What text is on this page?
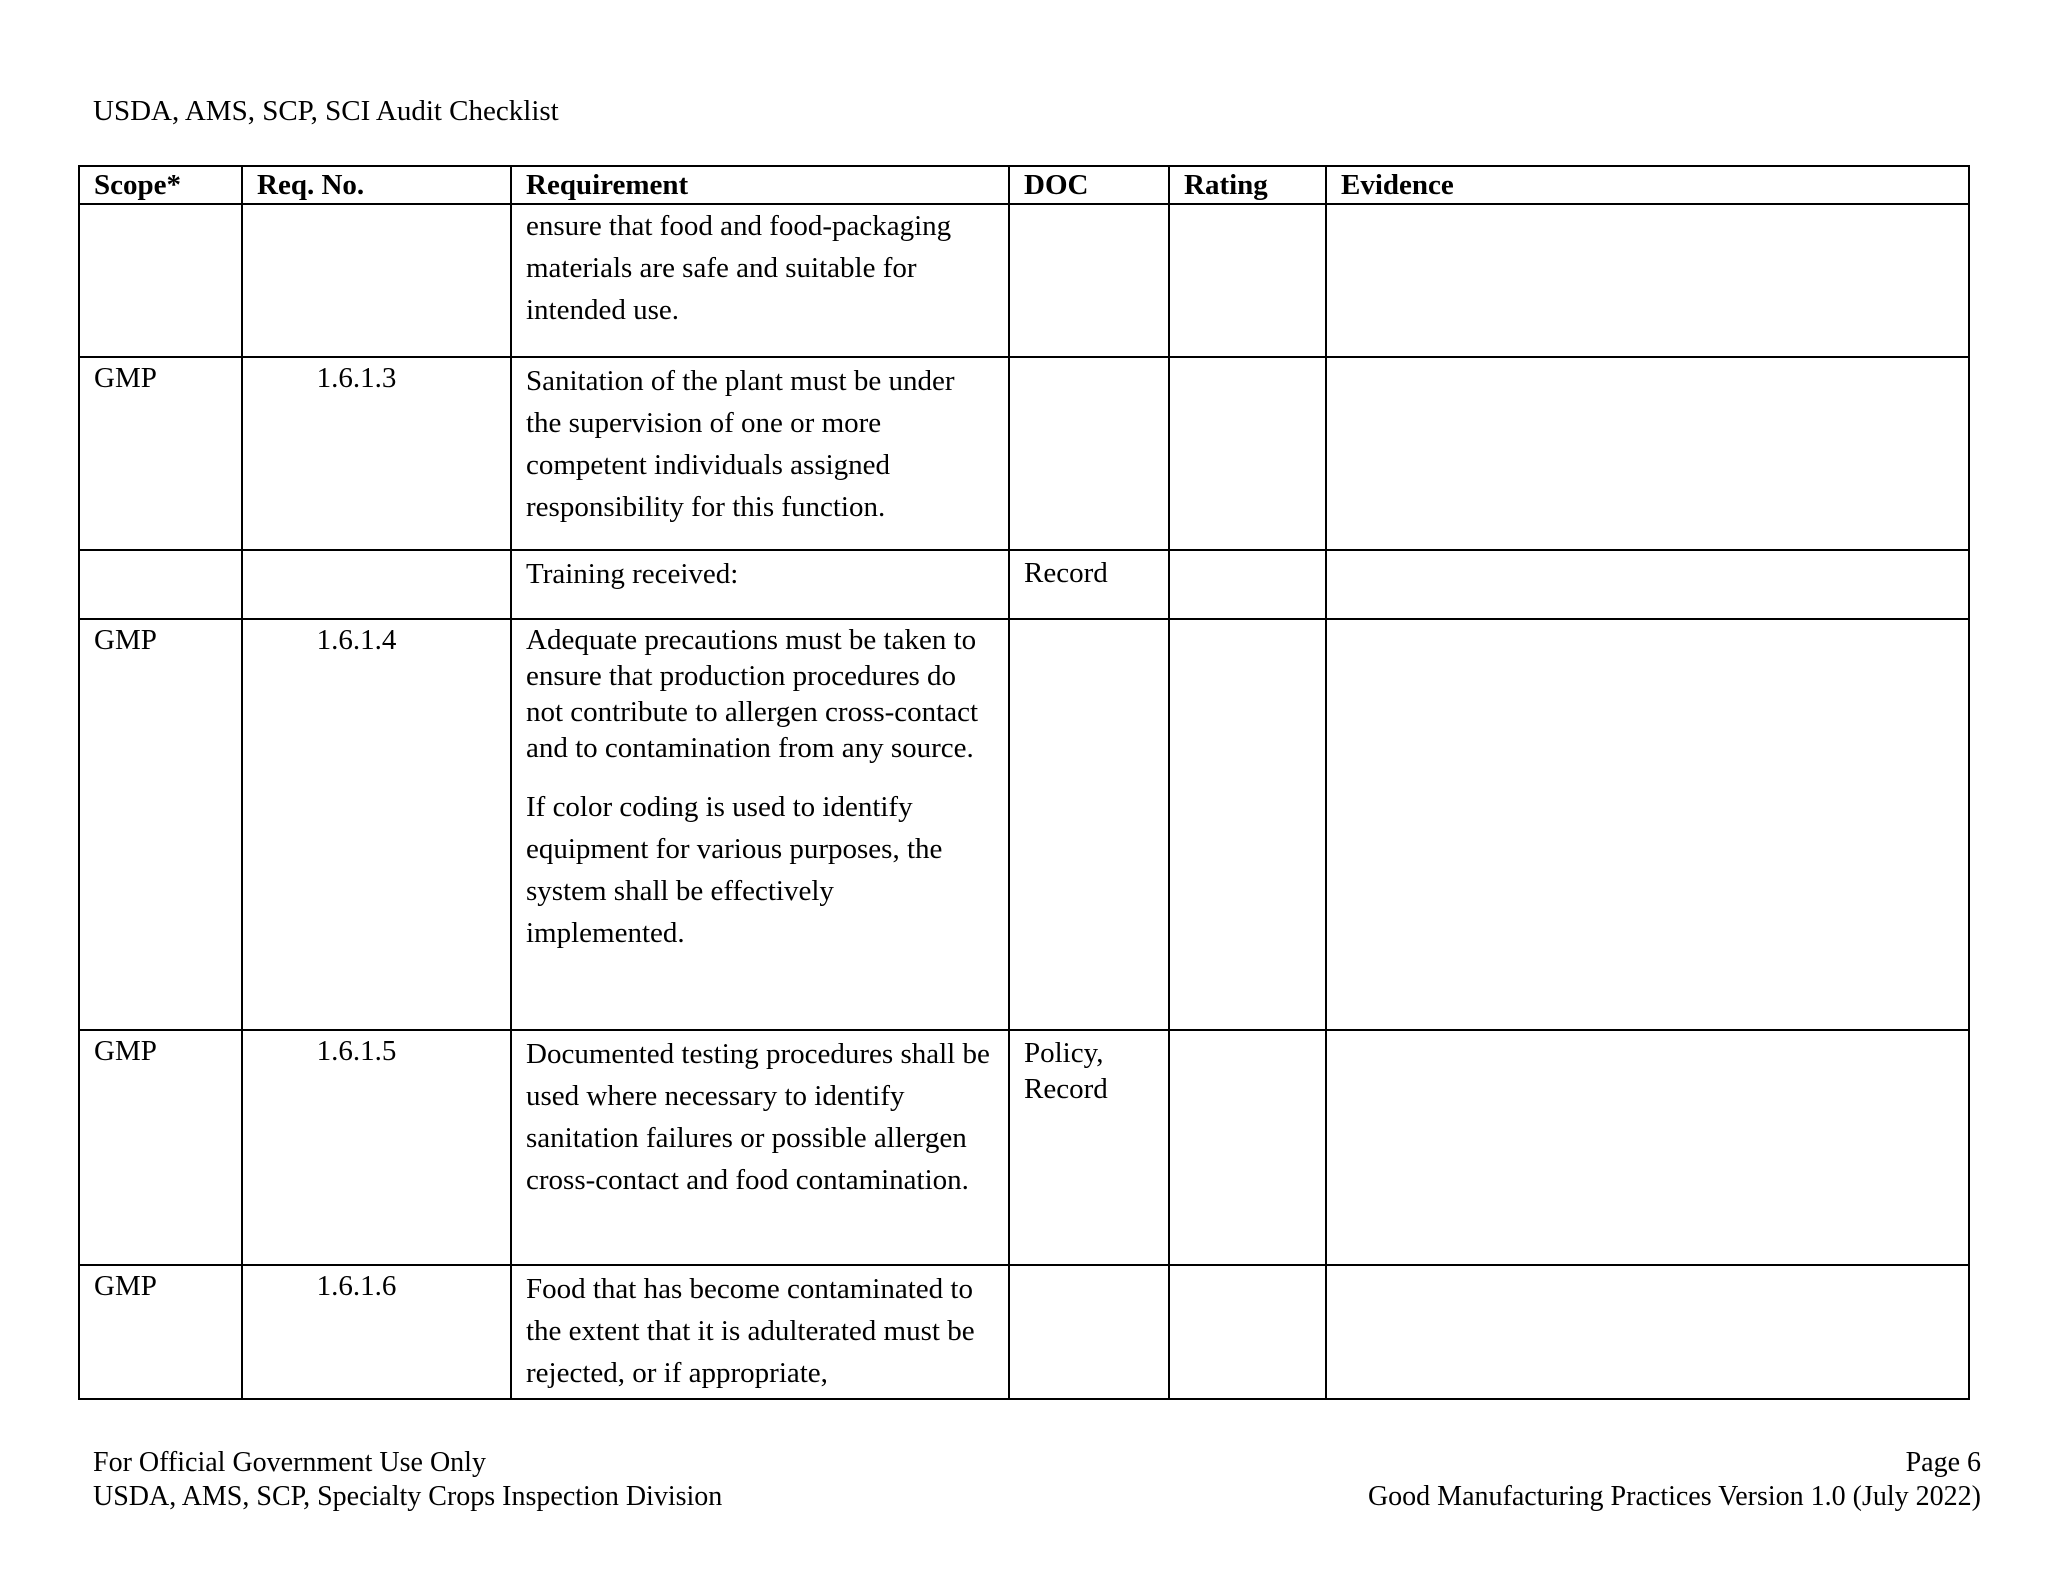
USDA, AMS, SCP, SCI Audit Checklist
Scope*	Req. No.	Requirement	DOC	Rating	Evidence

		ensure that food and food-packaging materials are safe and suitable for intended use.			

GMP	1.6.1.3	Sanitation of the plant must be under the supervision of one or more competent individuals assigned responsibility for this function.			

		Training received:	Record		
GMP	1.6.1.4	Adequate precautions must be taken to ensure that production procedures do not contribute to allergen cross-contact and to contamination from any source.
If color coding is used to identify equipment for various purposes, the system shall be effectively implemented.			

GMP	1.6.1.5	Documented testing procedures shall be used where necessary to identify sanitation failures or possible allergen cross-contact and food contamination.	Policy, Record		

GMP	1.6.1.6	Food that has become contaminated to the extent that it is adulterated must be rejected, or if appropriate,			

For Official Government Use Only
USDA, AMS, SCP, Specialty Crops Inspection Division
Page 6
Good Manufacturing Practices Version 1.0 (July 2022)
